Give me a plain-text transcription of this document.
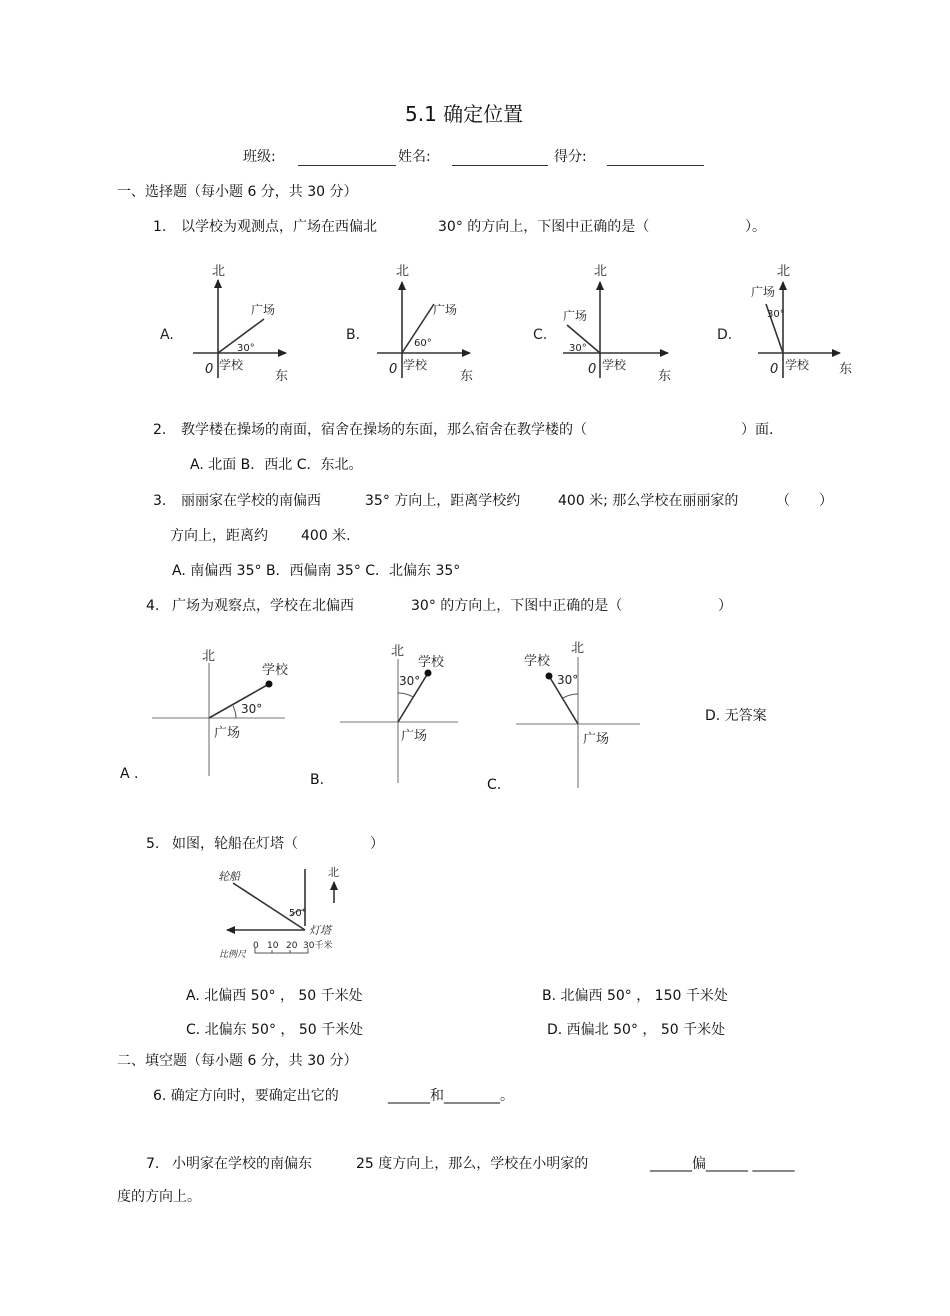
5.1 确定位置
班级:	姓名:	得分:
一、选择题（每小题 6 分，共 30 分）
1. 以学校为观测点，广场在西偏北	30° 的方向上，下图中正确的是（	）。
A.
北
东
0 学校
广场
30°
B.
北
东
0 学校
广场
60°
C.
北
东
0 学校
广场
30°
D.
北
东
0 学校
广场
30°
2. 教学楼在操场的南面，宿舍在操场的东面，那么宿舍在教学楼的（	）面.
A. 北面 B．西北 C．东北。
3. 丽丽家在学校的南偏西	35° 方向上，距离学校约	400 米; 那么学校在丽丽家的	（ ）
方向上，距离约 400 米.
A. 南偏西 35° B．西偏南 35° C．北偏东 35°
4. 广场为观察点，学校在北偏西	30° 的方向上，下图中正确的是（	）
北
学校
广场
30°
北
学校
广场
30°
北
学校
广场
30°
A .	B.	C.
D. 无答案
5. 如图，轮船在灯塔（	）
北
轮船
灯塔
50°
比例尺
0 10 20 30千米
A. 北偏西 50° ， 50 千米处	B. 北偏西 50° ， 150 千米处
C. 北偏东 50° ， 50 千米处	D. 西偏北 50° ， 50 千米处
二、填空题（每小题 6 分，共 30 分）
6. 确定方向时，要确定出它的	______和________。
7. 小明家在学校的南偏东	25 度方向上，那么，学校在小明家的	______偏______ ______
度的方向上。
